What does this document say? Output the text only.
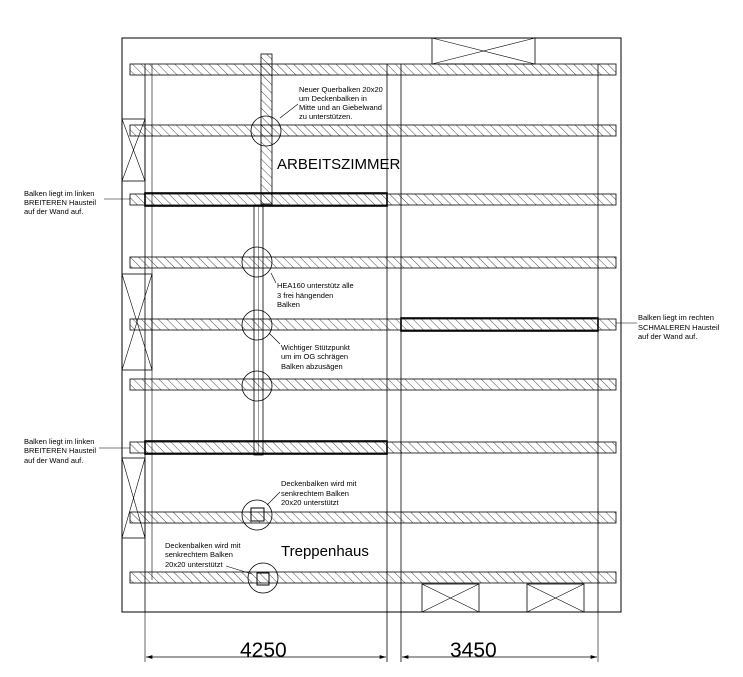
Neuer Querbalken 20x20 um Deckenbalken in Mitte und an Giebelwand zu unterstützen.
Balken liegt im linken BREITEREN Hausteil auf der Wand auf.
HEA160 unterstütz alle 3 frei hängenden Balken
Wichtiger Stützpunkt um im OG schrägen Balken abzusägen
Balken liegt im rechten SCHMALEREN Hausteil auf der Wand auf.
Balken liegt im linken BREITEREN Hausteil auf der Wand auf.
Deckenbalken wird mit senkrechtem Balken 20x20 unterstützt
Deckenbalken wird mit senkrechtem Balken 20x20 unterstützt
ARBEITSZIMMER
Treppenhaus
4250	3450
